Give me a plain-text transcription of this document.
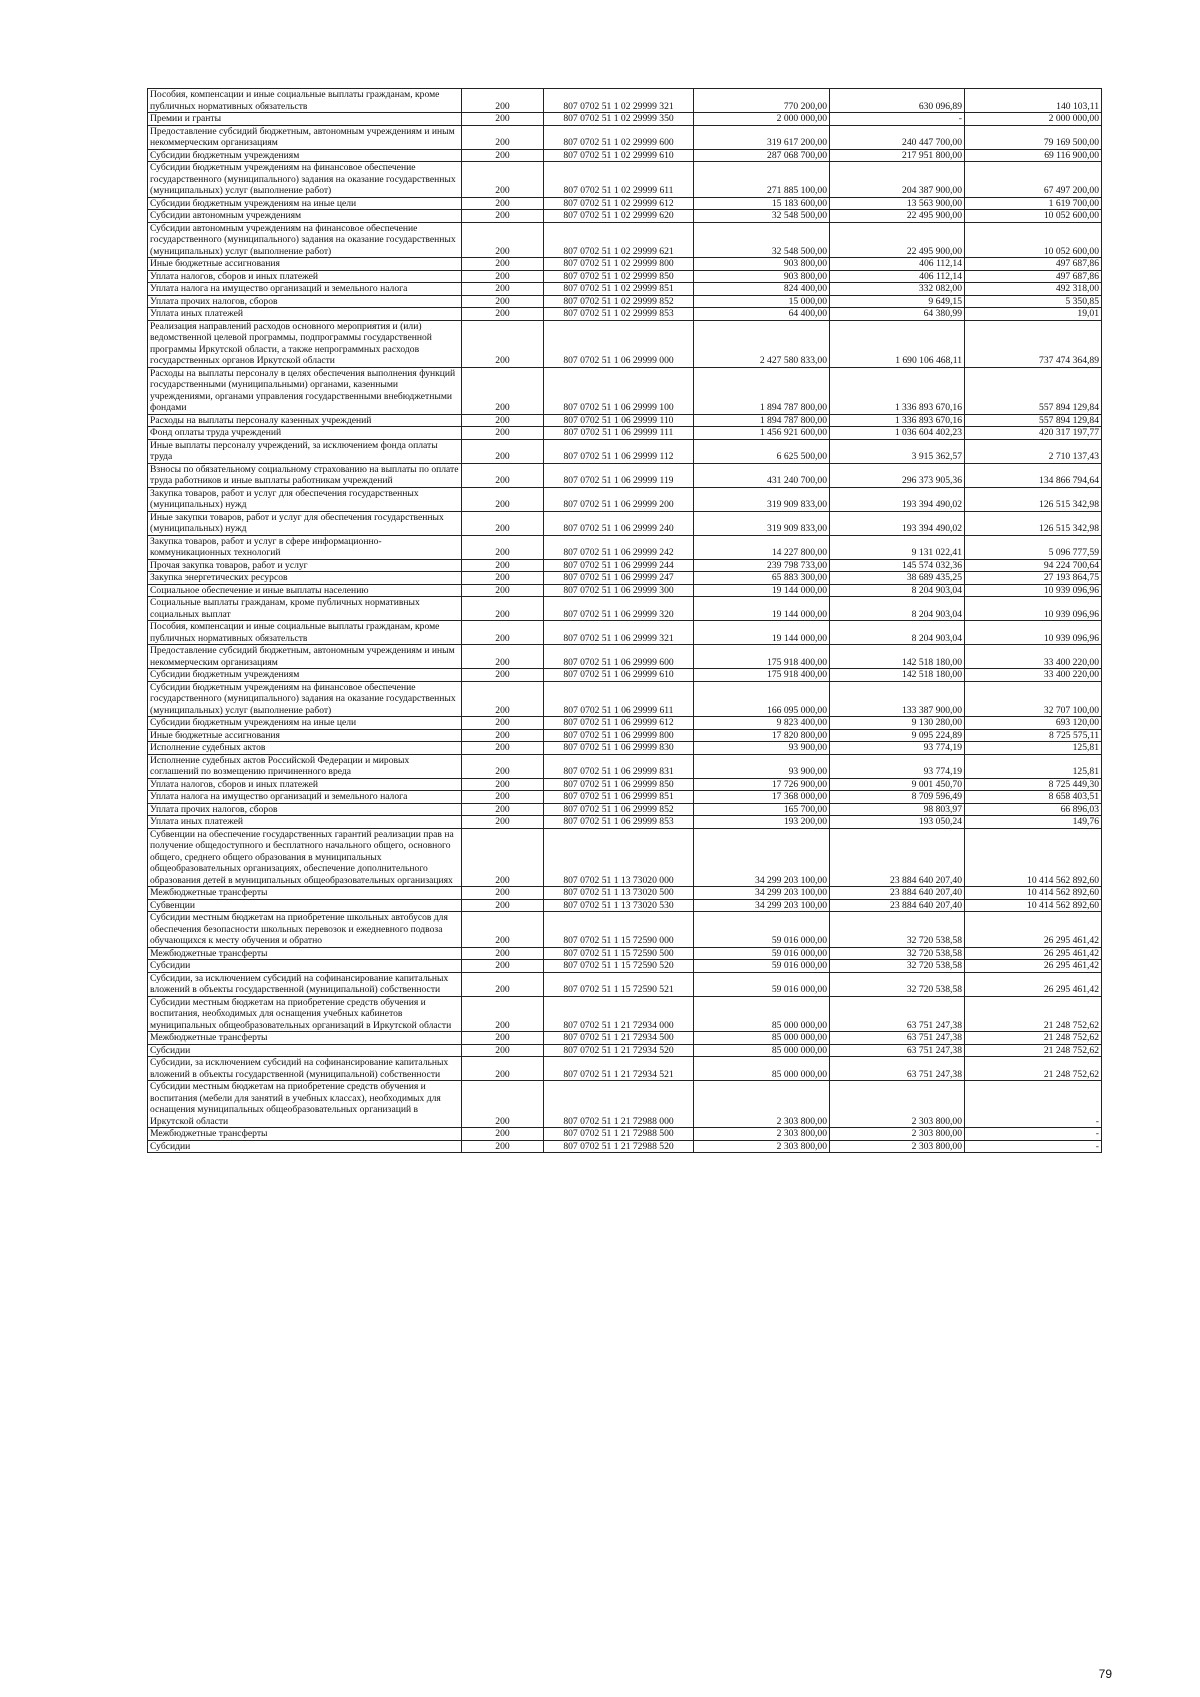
Пособия, компенсации и иные социальные выплаты гражданам, кроме публичных нормативных обязательств	200	807 0702 51 1 02 29999 321	770 200,00	630 096,89	140 103,11
Премии и гранты	200	807 0702 51 1 02 29999 350	2 000 000,00	-	2 000 000,00
Предоставление субсидий бюджетным, автономным учреждениям и иным некоммерческим организациям	200	807 0702 51 1 02 29999 600	319 617 200,00	240 447 700,00	79 169 500,00
Субсидии бюджетным учреждениям	200	807 0702 51 1 02 29999 610	287 068 700,00	217 951 800,00	69 116 900,00
Субсидии бюджетным учреждениям на финансовое обеспечение государственного (муниципального) задания на оказание государственных (муниципальных) услуг (выполнение работ)	200	807 0702 51 1 02 29999 611	271 885 100,00	204 387 900,00	67 497 200,00
Субсидии бюджетным учреждениям на иные цели	200	807 0702 51 1 02 29999 612	15 183 600,00	13 563 900,00	1 619 700,00
Субсидии автономным учреждениям	200	807 0702 51 1 02 29999 620	32 548 500,00	22 495 900,00	10 052 600,00
Субсидии автономным учреждениям на финансовое обеспечение государственного (муниципального) задания на оказание государственных (муниципальных) услуг (выполнение работ)	200	807 0702 51 1 02 29999 621	32 548 500,00	22 495 900,00	10 052 600,00
Иные бюджетные ассигнования	200	807 0702 51 1 02 29999 800	903 800,00	406 112,14	497 687,86
Уплата налогов, сборов и иных платежей	200	807 0702 51 1 02 29999 850	903 800,00	406 112,14	497 687,86
Уплата налога на имущество организаций и земельного налога	200	807 0702 51 1 02 29999 851	824 400,00	332 082,00	492 318,00
Уплата прочих налогов, сборов	200	807 0702 51 1 02 29999 852	15 000,00	9 649,15	5 350,85
Уплата иных платежей	200	807 0702 51 1 02 29999 853	64 400,00	64 380,99	19,01
Реализация направлений расходов основного мероприятия и (или) ведомственной целевой программы, подпрограммы государственной программы Иркутской области, а также непрограммных расходов государственных органов Иркутской области	200	807 0702 51 1 06 29999 000	2 427 580 833,00	1 690 106 468,11	737 474 364,89
Расходы на выплаты персоналу в целях обеспечения выполнения функций государственными (муниципальными) органами, казенными учреждениями, органами управления государственными внебюджетными фондами	200	807 0702 51 1 06 29999 100	1 894 787 800,00	1 336 893 670,16	557 894 129,84
Расходы на выплаты персоналу казенных учреждений	200	807 0702 51 1 06 29999 110	1 894 787 800,00	1 336 893 670,16	557 894 129,84
Фонд оплаты труда учреждений	200	807 0702 51 1 06 29999 111	1 456 921 600,00	1 036 604 402,23	420 317 197,77
Иные выплаты персоналу учреждений, за исключением фонда оплаты труда	200	807 0702 51 1 06 29999 112	6 625 500,00	3 915 362,57	2 710 137,43
Взносы по обязательному социальному страхованию на выплаты по оплате труда работников и иные выплаты работникам учреждений	200	807 0702 51 1 06 29999 119	431 240 700,00	296 373 905,36	134 866 794,64
Закупка товаров, работ и услуг для обеспечения государственных (муниципальных) нужд	200	807 0702 51 1 06 29999 200	319 909 833,00	193 394 490,02	126 515 342,98
Иные закупки товаров, работ и услуг для обеспечения государственных (муниципальных) нужд	200	807 0702 51 1 06 29999 240	319 909 833,00	193 394 490,02	126 515 342,98
Закупка товаров, работ и услуг в сфере информационно-коммуникационных технологий	200	807 0702 51 1 06 29999 242	14 227 800,00	9 131 022,41	5 096 777,59
Прочая закупка товаров, работ и услуг	200	807 0702 51 1 06 29999 244	239 798 733,00	145 574 032,36	94 224 700,64
Закупка энергетических ресурсов	200	807 0702 51 1 06 29999 247	65 883 300,00	38 689 435,25	27 193 864,75
Социальное обеспечение и иные выплаты населению	200	807 0702 51 1 06 29999 300	19 144 000,00	8 204 903,04	10 939 096,96
Социальные выплаты гражданам, кроме публичных нормативных социальных выплат	200	807 0702 51 1 06 29999 320	19 144 000,00	8 204 903,04	10 939 096,96
Пособия, компенсации и иные социальные выплаты гражданам, кроме публичных нормативных обязательств	200	807 0702 51 1 06 29999 321	19 144 000,00	8 204 903,04	10 939 096,96
Предоставление субсидий бюджетным, автономным учреждениям и иным некоммерческим организациям	200	807 0702 51 1 06 29999 600	175 918 400,00	142 518 180,00	33 400 220,00
Субсидии бюджетным учреждениям	200	807 0702 51 1 06 29999 610	175 918 400,00	142 518 180,00	33 400 220,00
Субсидии бюджетным учреждениям на финансовое обеспечение государственного (муниципального) задания на оказание государственных (муниципальных) услуг (выполнение работ)	200	807 0702 51 1 06 29999 611	166 095 000,00	133 387 900,00	32 707 100,00
Субсидии бюджетным учреждениям на иные цели	200	807 0702 51 1 06 29999 612	9 823 400,00	9 130 280,00	693 120,00
Иные бюджетные ассигнования	200	807 0702 51 1 06 29999 800	17 820 800,00	9 095 224,89	8 725 575,11
Исполнение судебных актов	200	807 0702 51 1 06 29999 830	93 900,00	93 774,19	125,81
Исполнение судебных актов Российской Федерации и мировых соглашений по возмещению причиненного вреда	200	807 0702 51 1 06 29999 831	93 900,00	93 774,19	125,81
Уплата налогов, сборов и иных платежей	200	807 0702 51 1 06 29999 850	17 726 900,00	9 001 450,70	8 725 449,30
Уплата налога на имущество организаций и земельного налога	200	807 0702 51 1 06 29999 851	17 368 000,00	8 709 596,49	8 658 403,51
Уплата прочих налогов, сборов	200	807 0702 51 1 06 29999 852	165 700,00	98 803,97	66 896,03
Уплата иных платежей	200	807 0702 51 1 06 29999 853	193 200,00	193 050,24	149,76
Субвенции на обеспечение государственных гарантий реализации прав на получение общедоступного и бесплатного начального общего, основного общего, среднего общего образования в муниципальных общеобразовательных организациях, обеспечение дополнительного образования детей в муниципальных общеобразовательных организациях	200	807 0702 51 1 13 73020 000	34 299 203 100,00	23 884 640 207,40	10 414 562 892,60
Межбюджетные трансферты	200	807 0702 51 1 13 73020 500	34 299 203 100,00	23 884 640 207,40	10 414 562 892,60
Субвенции	200	807 0702 51 1 13 73020 530	34 299 203 100,00	23 884 640 207,40	10 414 562 892,60
Субсидии местным бюджетам на приобретение школьных автобусов для обеспечения безопасности школьных перевозок и ежедневного подвоза обучающихся к месту обучения и обратно	200	807 0702 51 1 15 72590 000	59 016 000,00	32 720 538,58	26 295 461,42
Межбюджетные трансферты	200	807 0702 51 1 15 72590 500	59 016 000,00	32 720 538,58	26 295 461,42
Субсидии	200	807 0702 51 1 15 72590 520	59 016 000,00	32 720 538,58	26 295 461,42
Субсидии, за исключением субсидий на софинансирование капитальных вложений в объекты государственной (муниципальной) собственности	200	807 0702 51 1 15 72590 521	59 016 000,00	32 720 538,58	26 295 461,42
Субсидии местным бюджетам на приобретение средств обучения и воспитания, необходимых для оснащения учебных кабинетов муниципальных общеобразовательных организаций в Иркутской области	200	807 0702 51 1 21 72934 000	85 000 000,00	63 751 247,38	21 248 752,62
Межбюджетные трансферты	200	807 0702 51 1 21 72934 500	85 000 000,00	63 751 247,38	21 248 752,62
Субсидии	200	807 0702 51 1 21 72934 520	85 000 000,00	63 751 247,38	21 248 752,62
Субсидии, за исключением субсидий на софинансирование капитальных вложений в объекты государственной (муниципальной) собственности	200	807 0702 51 1 21 72934 521	85 000 000,00	63 751 247,38	21 248 752,62
Субсидии местным бюджетам на приобретение средств обучения и воспитания (мебели для занятий в учебных классах), необходимых для оснащения муниципальных общеобразовательных организаций в Иркутской области	200	807 0702 51 1 21 72988 000	2 303 800,00	2 303 800,00	-
Межбюджетные трансферты	200	807 0702 51 1 21 72988 500	2 303 800,00	2 303 800,00	-
Субсидии	200	807 0702 51 1 21 72988 520	2 303 800,00	2 303 800,00	-
79
